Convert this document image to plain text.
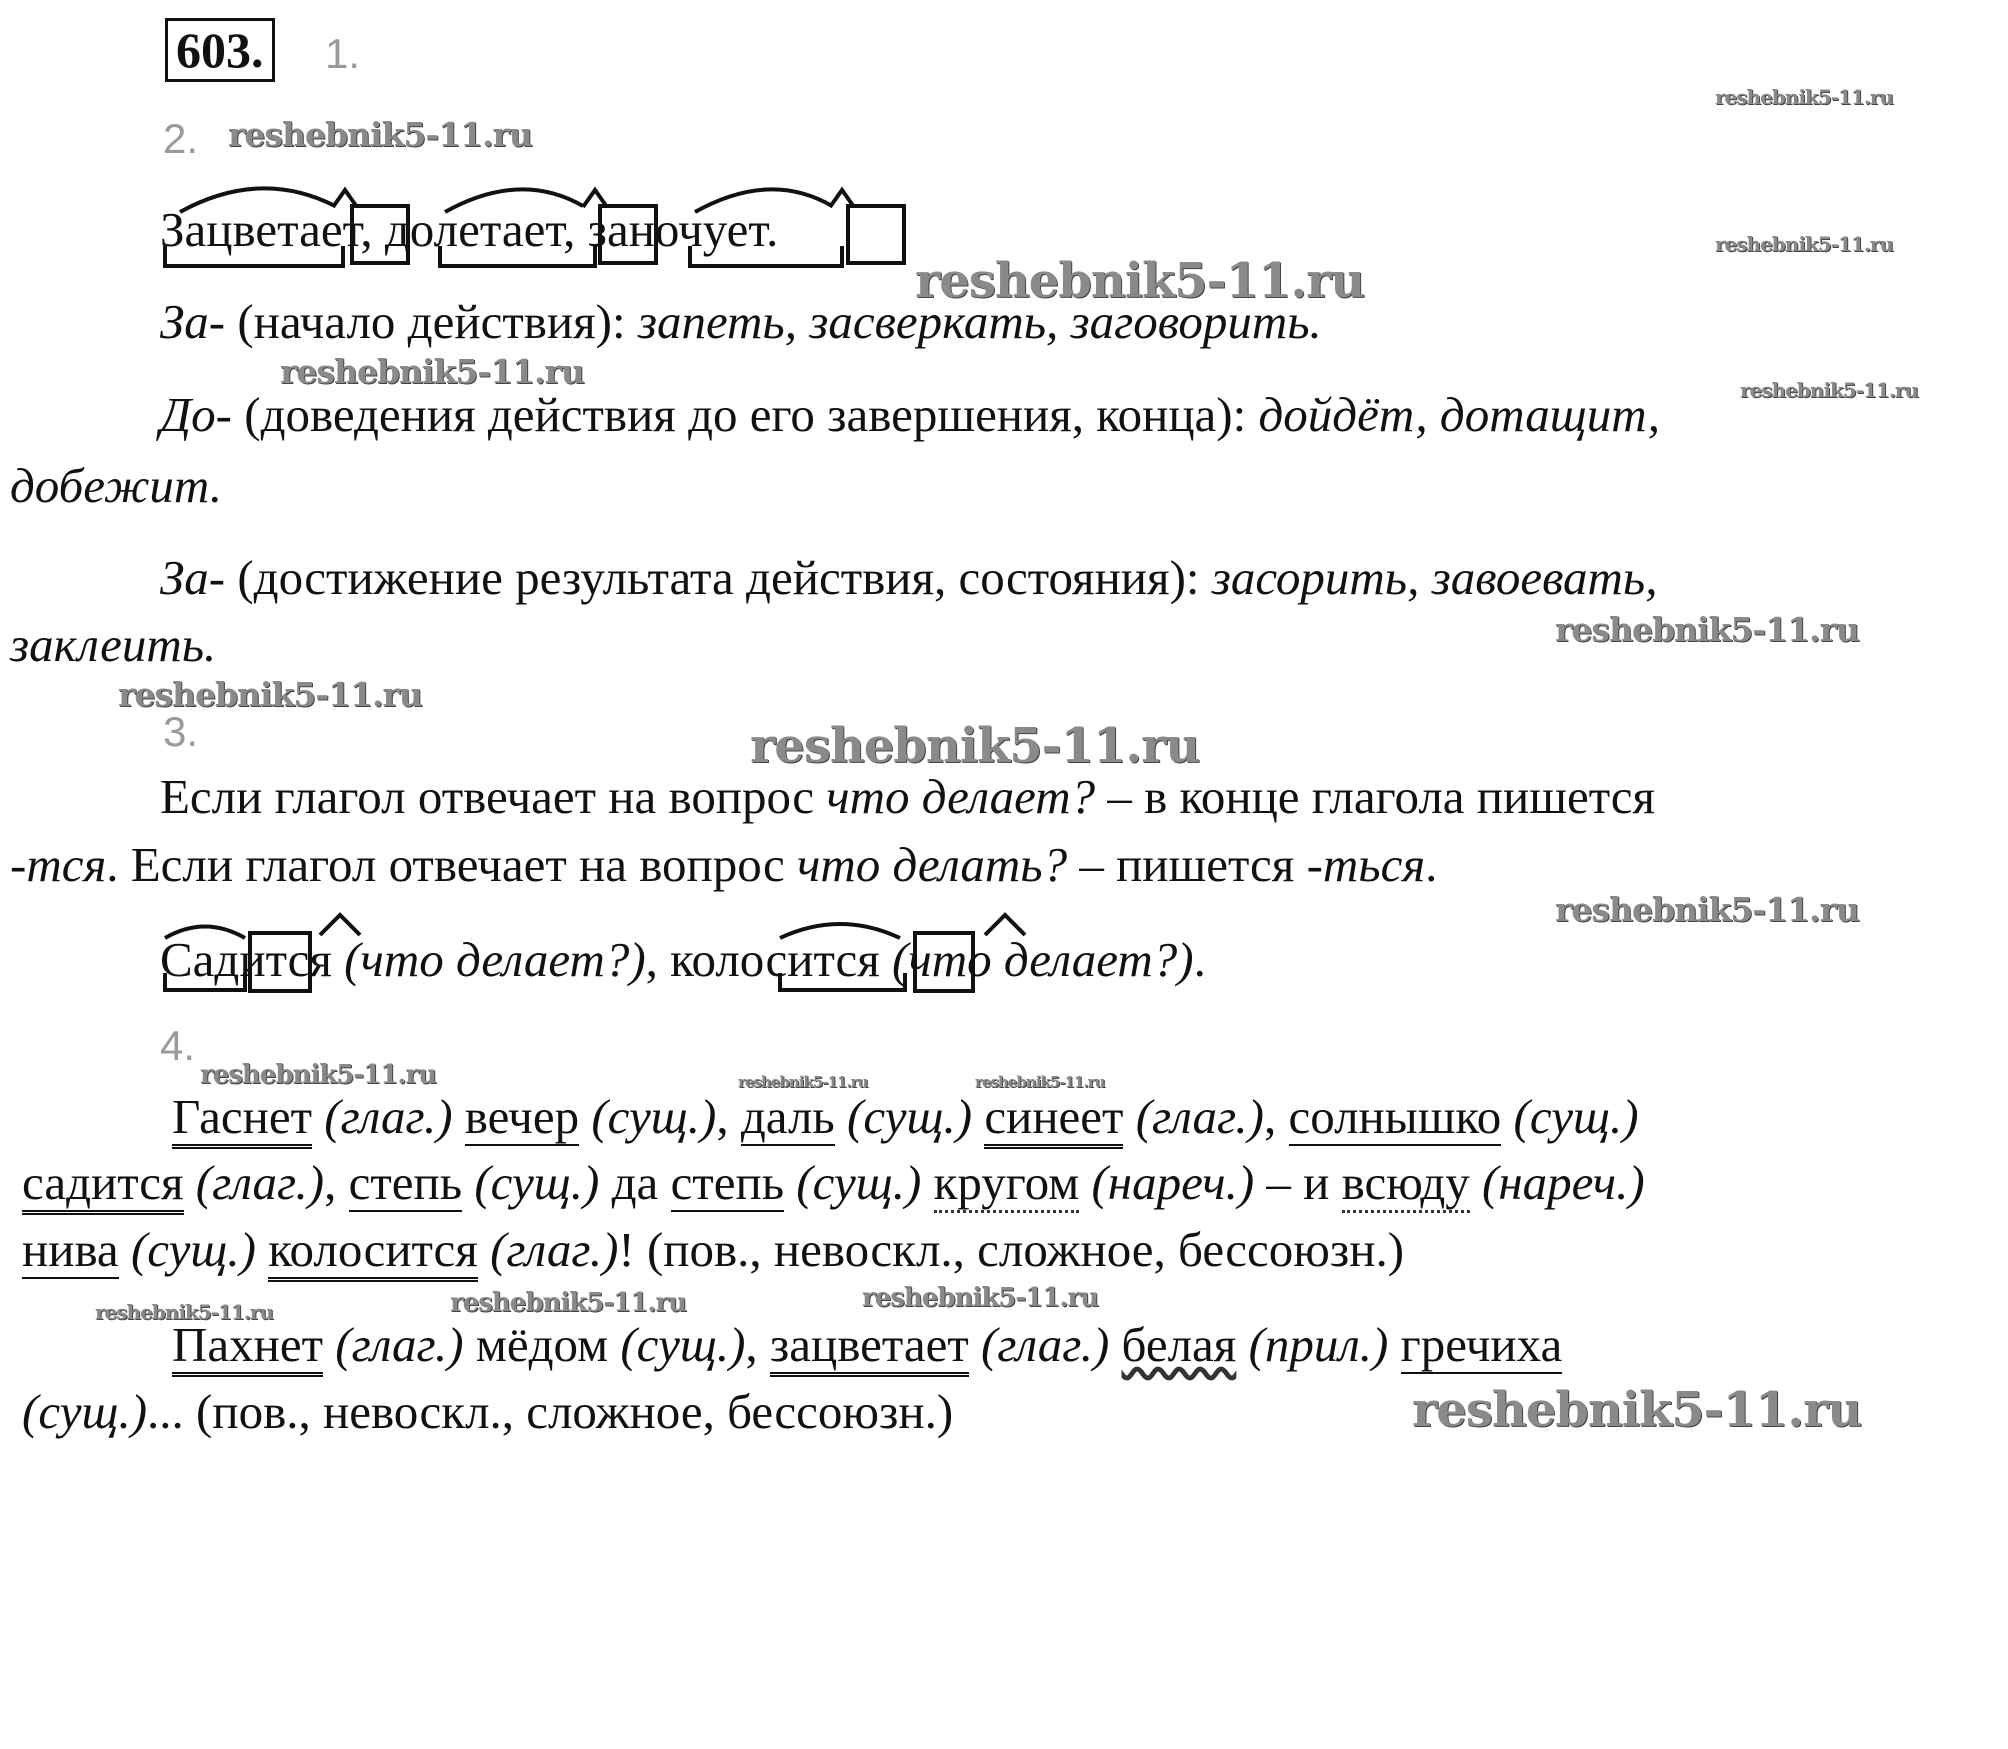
603. 1.
2.
Зацветает, долетает, заночует.
За- (начало действия): запеть, засверкать, заговорить.
До- (доведения действия до его завершения, конца): дойдёт, дотащит,
добежит.
За- (достижение результата действия, состояния): засорить, завоевать,
заклеить.
3.
Если глагол отвечает на вопрос что делает? – в конце глагола пишется
-тся. Если глагол отвечает на вопрос что делать? – пишется -ться.
Садится (что делает?), колосится (что делает?).
4.
Гаснет (глаг.) вечер (сущ.), даль (сущ.) синеет (глаг.), солнышко (сущ.)
садится (глаг.), степь (сущ.) да степь (сущ.) кругом (нареч.) – и всюду (нареч.)
нива (сущ.) колосится (глаг.)! (пов., невоскл., сложное, бессоюзн.)
Пахнет (глаг.) мёдом (сущ.), зацветает (глаг.) белая (прил.) гречиха
(сущ.)... (пов., невоскл., сложное, бессоюзн.)
reshebnik5-11.ru
reshebnik5-11.ru
reshebnik5-11.ru
reshebnik5-11.ru
reshebnik5-11.ru	reshebnik5-11.ru
reshebnik5-11.ru
reshebnik5-11.ru
reshebnik5-11.ru
reshebnik5-11.ru
reshebnik5-11.ru	reshebnik5-11.ru	reshebnik5-11.ru
reshebnik5-11.ru	reshebnik5-11.ru	reshebnik5-11.ru
reshebnik5-11.ru
